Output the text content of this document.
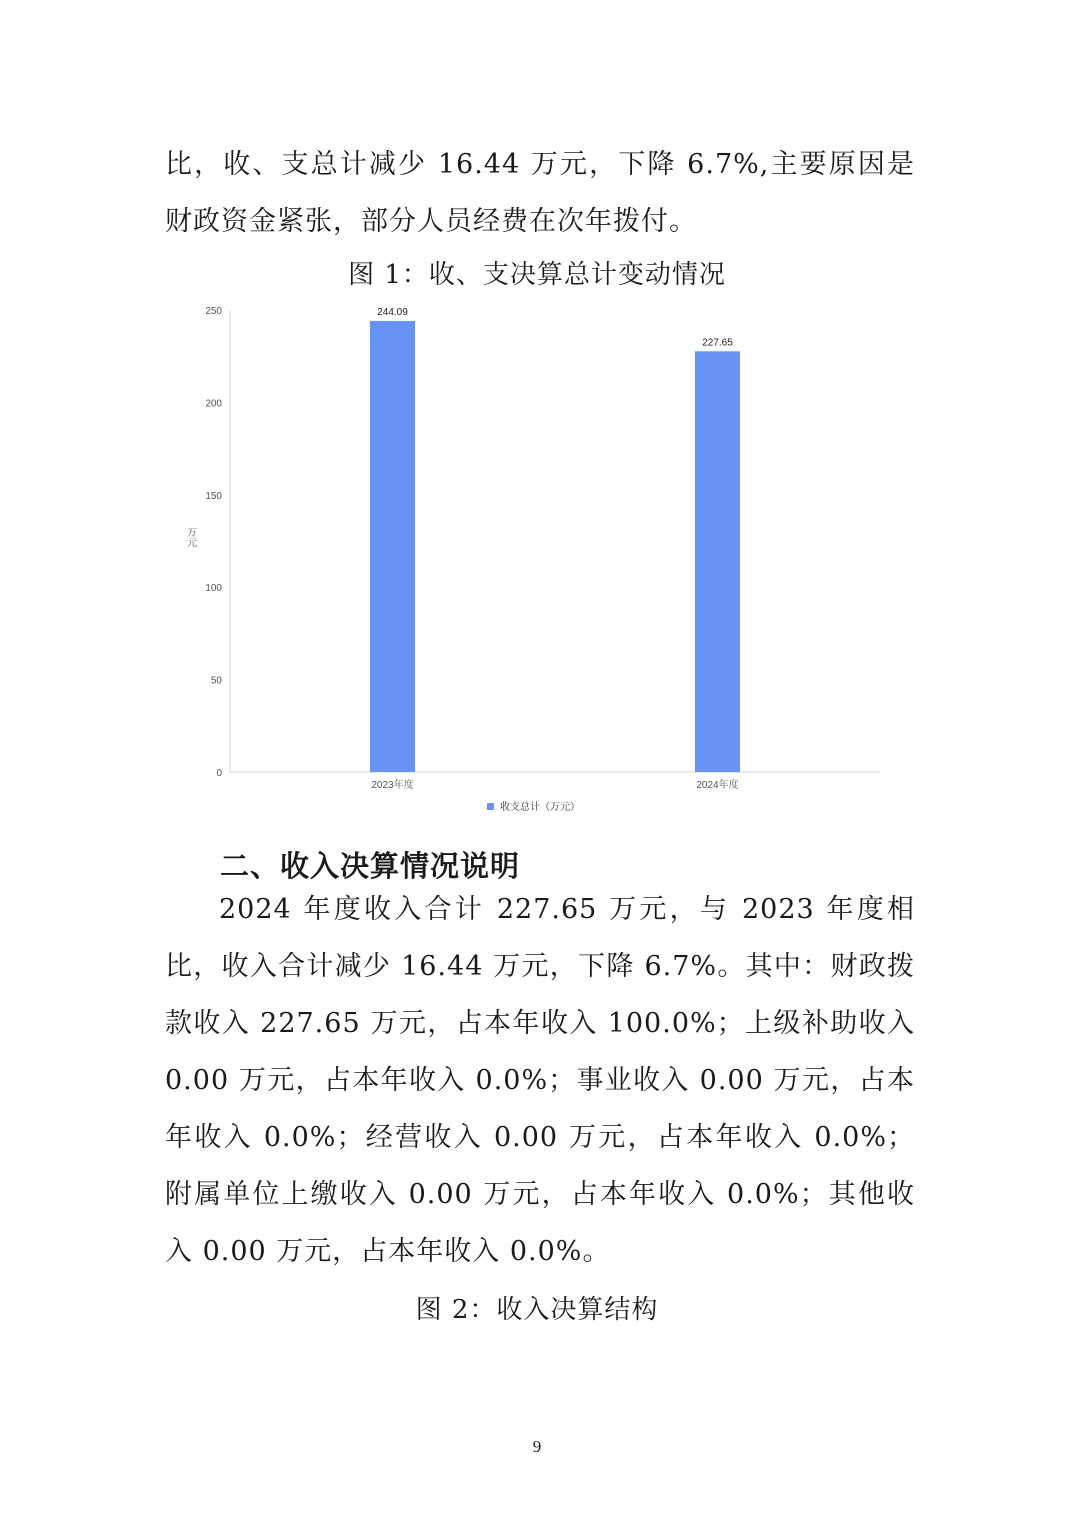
比，收、支总计减少 16.44 万元，下降 6.7%,主要原因是财政资金紧张，部分人员经费在次年拨付。

图 1：收、支决算总计变动情况

0
50
100
150
200
250
万元
244.09
2023年度
227.65
2024年度
收支总计（万元）

二、收入决算情况说明

2024 年度收入合计 227.65 万元，与 2023 年度相比，收入合计减少 16.44 万元，下降 6.7%。其中：财政拨款收入 227.65 万元，占本年收入 100.0%；上级补助收入 0.00 万元，占本年收入 0.0%；事业收入 0.00 万元，占本年收入 0.0%；经营收入 0.00 万元，占本年收入 0.0%；附属单位上缴收入 0.00 万元，占本年收入 0.0%；其他收入 0.00 万元，占本年收入 0.0%。

图 2：收入决算结构

9
